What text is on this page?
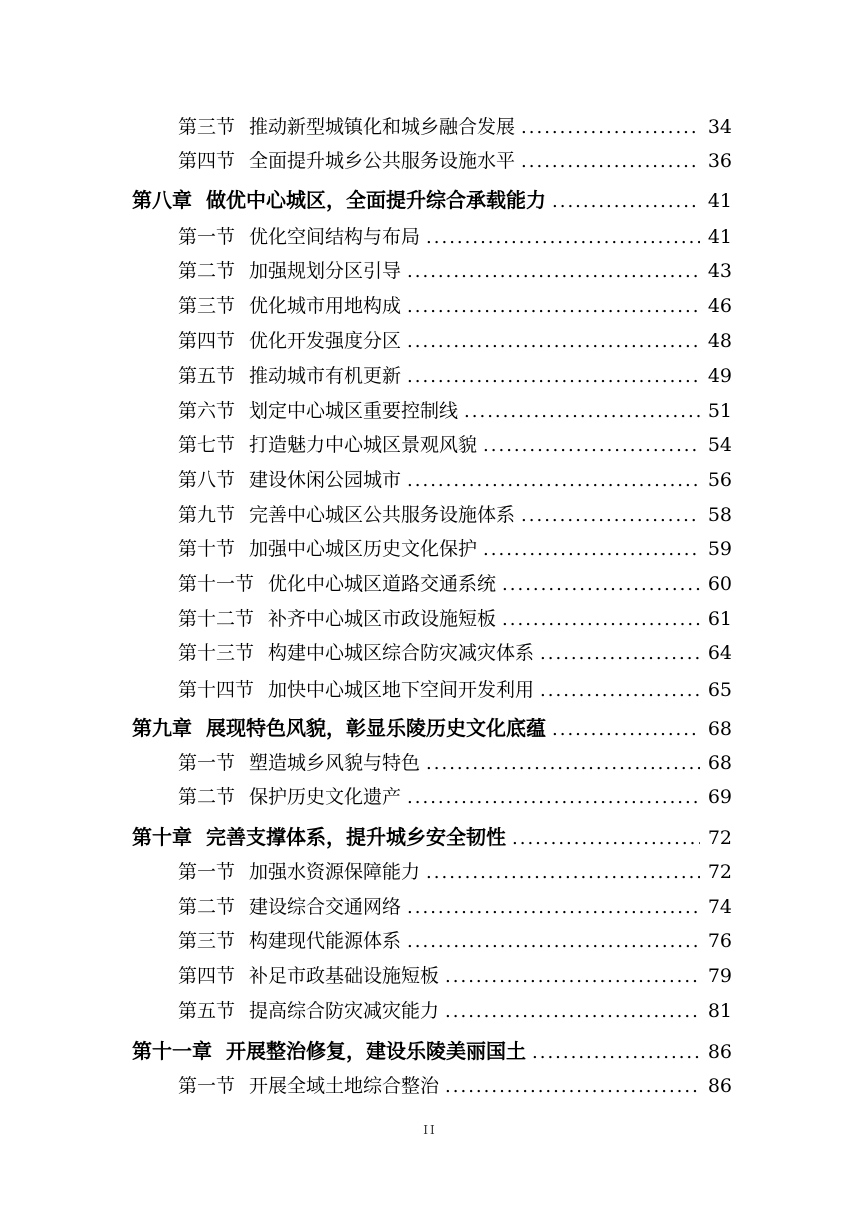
第三节 推动新型城镇化和城乡融合发展 .....	34
第四节 全面提升城乡公共服务设施水平 .....	36
第八章 做优中心城区，全面提升综合承载能力 .....	41
第一节 优化空间结构与布局 .....	41
第二节 加强规划分区引导 .....	43
第三节 优化城市用地构成 .....	46
第四节 优化开发强度分区 .....	48
第五节 推动城市有机更新 .....	49
第六节 划定中心城区重要控制线 .....	51
第七节 打造魅力中心城区景观风貌 .....	54
第八节 建设休闲公园城市 .....	56
第九节 完善中心城区公共服务设施体系 .....	58
第十节 加强中心城区历史文化保护 .....	59
第十一节 优化中心城区道路交通系统 .....	60
第十二节 补齐中心城区市政设施短板 .....	61
第十三节 构建中心城区综合防灾减灾体系 .....	64
第十四节 加快中心城区地下空间开发利用 .....	65
第九章 展现特色风貌，彰显乐陵历史文化底蕴 .....	68
第一节 塑造城乡风貌与特色 .....	68
第二节 保护历史文化遗产 .....	69
第十章 完善支撑体系，提升城乡安全韧性 .....	72
第一节 加强水资源保障能力 .....	72
第二节 建设综合交通网络 .....	74
第三节 构建现代能源体系 .....	76
第四节 补足市政基础设施短板 .....	79
第五节 提高综合防灾减灾能力 .....	81
第十一章 开展整治修复，建设乐陵美丽国土 .....	86
第一节 开展全域土地综合整治 .....	86
II
